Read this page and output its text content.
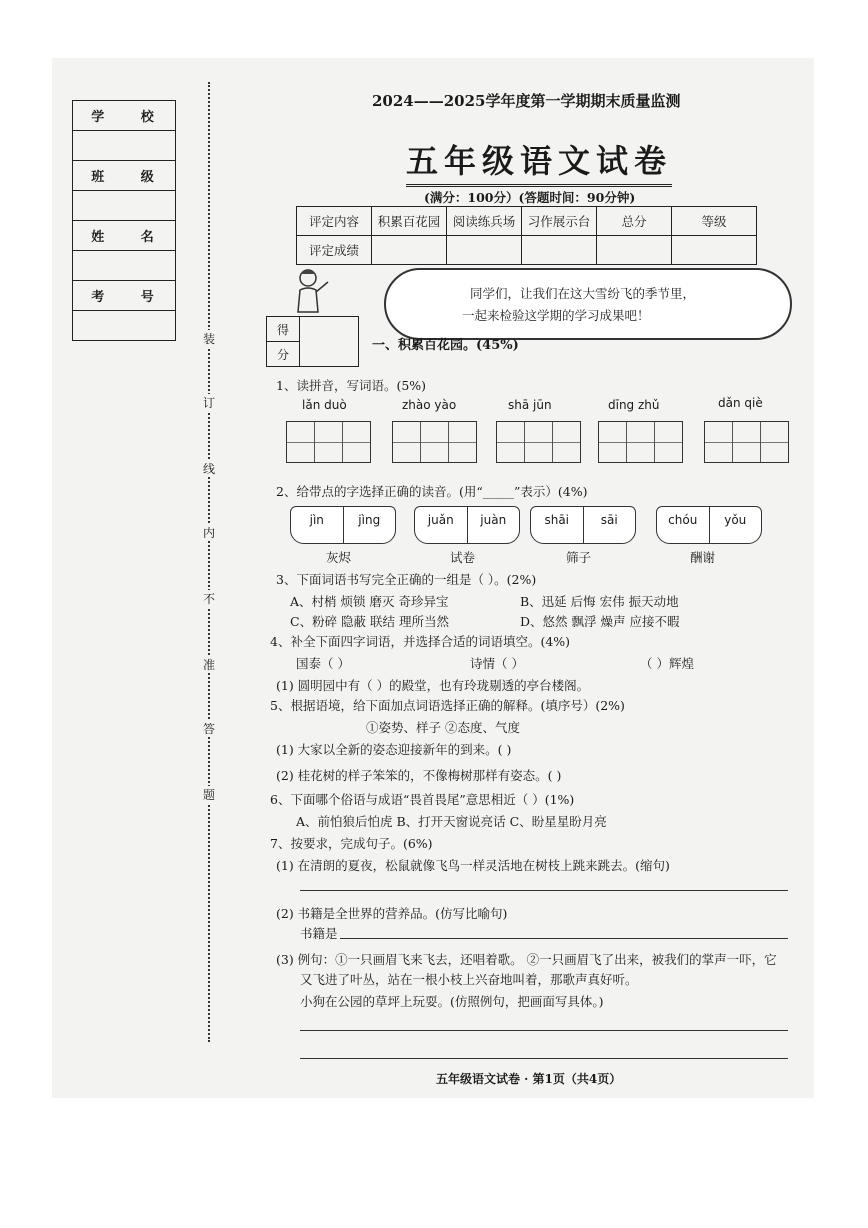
学 校

班 级

姓 名

考 号

装
订
线
内
不
准
答
题
2024——2025学年度第一学期期末质量监测
五年级语文试卷
(满分：100分）(答题时间：90分钟)
评定内容	积累百花园	阅读练兵场	习作展示台	总分	等级
评定成绩					
同学们，让我们在这大雪纷飞的季节里，
一起来检验这学期的学习成果吧！
得	
分
一、积累百花园。(45%)
1、读拼音，写词语。(5%)
lǎn duò	zhào yào	shā jūn	dīng zhǔ	dǎn qiè
2、给带点的字选择正确的读音。(用“_____”表示）(4%)
jìn	jìng	juǎn	juàn	shāi	sāi	chóu	yǒu
灰烬	试卷	筛子	酬谢
3、下面词语书写完全正确的一组是（ ）。(2%)
A、村梢 烦锁 磨灭 奇珍异宝	B、迅延 后悔 宏伟 振天动地
C、粉碎 隐蔽 联结 理所当然	D、悠然 飘浮 燥声 应接不暇
4、补全下面四字词语，并选择合适的词语填空。(4%)
国泰（ ）	诗情（ ）	（ ）辉煌
(1) 圆明园中有（ ）的殿堂，也有玲珑剔透的亭台楼阁。
5、根据语境，给下面加点词语选择正确的解释。(填序号）(2%)
①姿势、样子 ②态度、气度
(1) 大家以全新的姿态迎接新年的到来。( )
(2) 桂花树的样子笨笨的，不像梅树那样有姿态。( )
6、下面哪个俗语与成语“畏首畏尾”意思相近（ ）(1%)
A、前怕狼后怕虎 B、打开天窗说亮话 C、盼星星盼月亮
7、按要求，完成句子。(6%)
(1) 在清朗的夏夜，松鼠就像飞鸟一样灵活地在树枝上跳来跳去。(缩句)
(2) 书籍是全世界的营养品。(仿写比喻句)
书籍是
(3) 例句：①一只画眉飞来飞去，还唱着歌。 ②一只画眉飞了出来，被我们的掌声一吓，它
又飞进了叶丛，站在一根小枝上兴奋地叫着，那歌声真好听。
小狗在公园的草坪上玩耍。(仿照例句，把画面写具体。)
五年级语文试卷 · 第1页（共4页）
